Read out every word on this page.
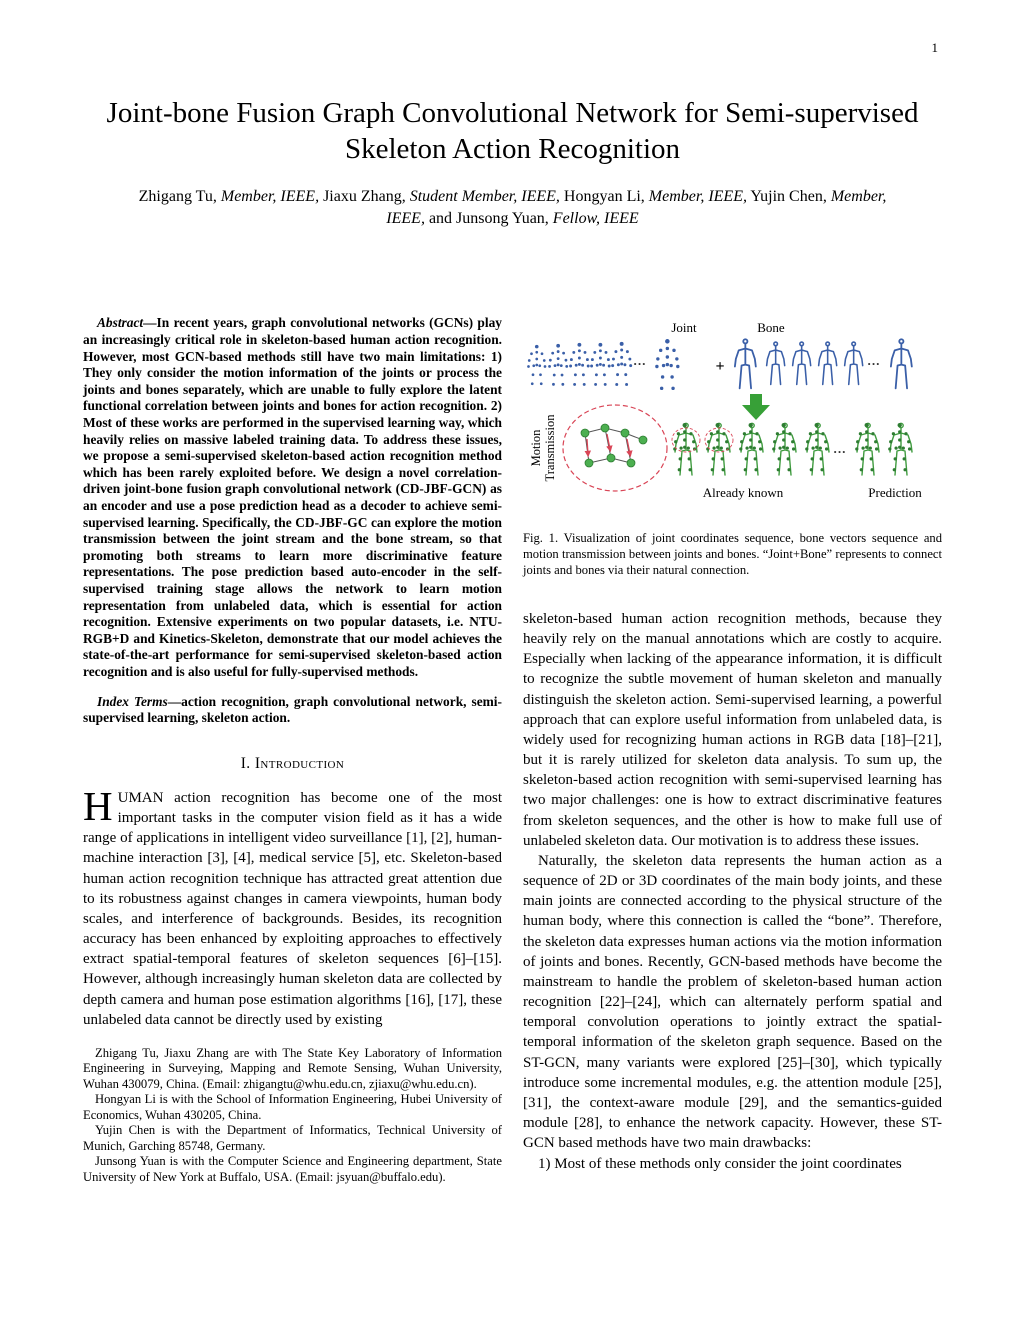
1
Joint-bone Fusion Graph Convolutional Network for Semi-supervised Skeleton Action Recognition
Zhigang Tu, Member, IEEE, Jiaxu Zhang, Student Member, IEEE, Hongyan Li, Member, IEEE, Yujin Chen, Member, IEEE, and Junsong Yuan, Fellow, IEEE

Abstract—In recent years, graph convolutional networks (GCNs) play an increasingly critical role in skeleton-based human action recognition. However, most GCN-based methods still have two main limitations: 1) They only consider the motion information of the joints or process the joints and bones separately, which are unable to fully explore the latent functional correlation between joints and bones for action recognition. 2) Most of these works are performed in the supervised learning way, which heavily relies on massive labeled training data. To address these issues, we propose a semi-supervised skeleton-based action recognition method which has been rarely exploited before. We design a novel correlation-driven joint-bone fusion graph convolutional network (CD-JBF-GCN) as an encoder and use a pose prediction head as a decoder to achieve semi-supervised learning. Specifically, the CD-JBF-GC can explore the motion transmission between the joint stream and the bone stream, so that promoting both streams to learn more discriminative feature representations. The pose prediction based auto-encoder in the self-supervised training stage allows the network to learn motion representation from unlabeled data, which is essential for action recognition. Extensive experiments on two popular datasets, i.e. NTU-RGB+D and Kinetics-Skeleton, demonstrate that our model achieves the state-of-the-art performance for semi-supervised skeleton-based action recognition and is also useful for fully-supervised methods.

Index Terms—action recognition, graph convolutional network, semi-supervised learning, skeleton action.

I. Introduction

HUMAN action recognition has become one of the most important tasks in the computer vision field as it has a wide range of applications in intelligent video surveillance [1], [2], human-machine interaction [3], [4], medical service [5], etc. Skeleton-based human action recognition technique has attracted great attention due to its robustness against changes in camera viewpoints, human body scales, and interference of backgrounds. Besides, its recognition accuracy has been enhanced by exploiting approaches to effectively extract spatial-temporal features of skeleton sequences [6]–[15]. However, although increasingly human skeleton data are collected by depth camera and human pose estimation algorithms [16], [17], these unlabeled data cannot be directly used by existing

Zhigang Tu, Jiaxu Zhang are with The State Key Laboratory of Information Engineering in Surveying, Mapping and Remote Sensing, Wuhan University, Wuhan 430079, China. (Email: zhigangtu@whu.edu.cn, zjiaxu@whu.edu.cn).

Hongyan Li is with the School of Information Engineering, Hubei University of Economics, Wuhan 430205, China.

Yujin Chen is with the Department of Informatics, Technical University of Munich, Garching 85748, Germany.

Junsong Yuan is with the Computer Science and Engineering department, State University of New York at Buffalo, USA. (Email: jsyuan@buffalo.edu).

···	···
···
Joint	Bone
+
Motion Transmission
Already known	Prediction

Fig. 1. Visualization of joint coordinates sequence, bone vectors sequence and motion transmission between joints and bones. “Joint+Bone” represents to connect joints and bones via their natural connection.

skeleton-based human action recognition methods, because they heavily rely on the manual annotations which are costly to acquire. Especially when lacking of the appearance information, it is difficult to recognize the subtle movement of human skeleton and manually distinguish the skeleton action. Semi-supervised learning, a powerful approach that can explore useful information from unlabeled data, is widely used for recognizing human actions in RGB data [18]–[21], but it is rarely utilized for skeleton data analysis. To sum up, the skeleton-based action recognition with semi-supervised learning has two major challenges: one is how to extract discriminative features from skeleton sequences, and the other is how to make full use of unlabeled skeleton data. Our motivation is to address these issues.

Naturally, the skeleton data represents the human action as a sequence of 2D or 3D coordinates of the main body joints, and these main joints are connected according to the physical structure of the human body, where this connection is called the “bone”. Therefore, the skeleton data expresses human actions via the motion information of joints and bones. Recently, GCN-based methods have become the mainstream to handle the problem of skeleton-based human action recognition [22]–[24], which can alternately perform spatial and temporal convolution operations to jointly extract the spatial-temporal information of the skeleton graph sequence. Based on the ST-GCN, many variants were explored [25]–[30], which typically introduce some incremental modules, e.g. the attention module [25], [31], the context-aware module [29], and the semantics-guided module [28], to enhance the network capacity. However, these ST-GCN based methods have two main drawbacks:

1) Most of these methods only consider the joint coordinates
